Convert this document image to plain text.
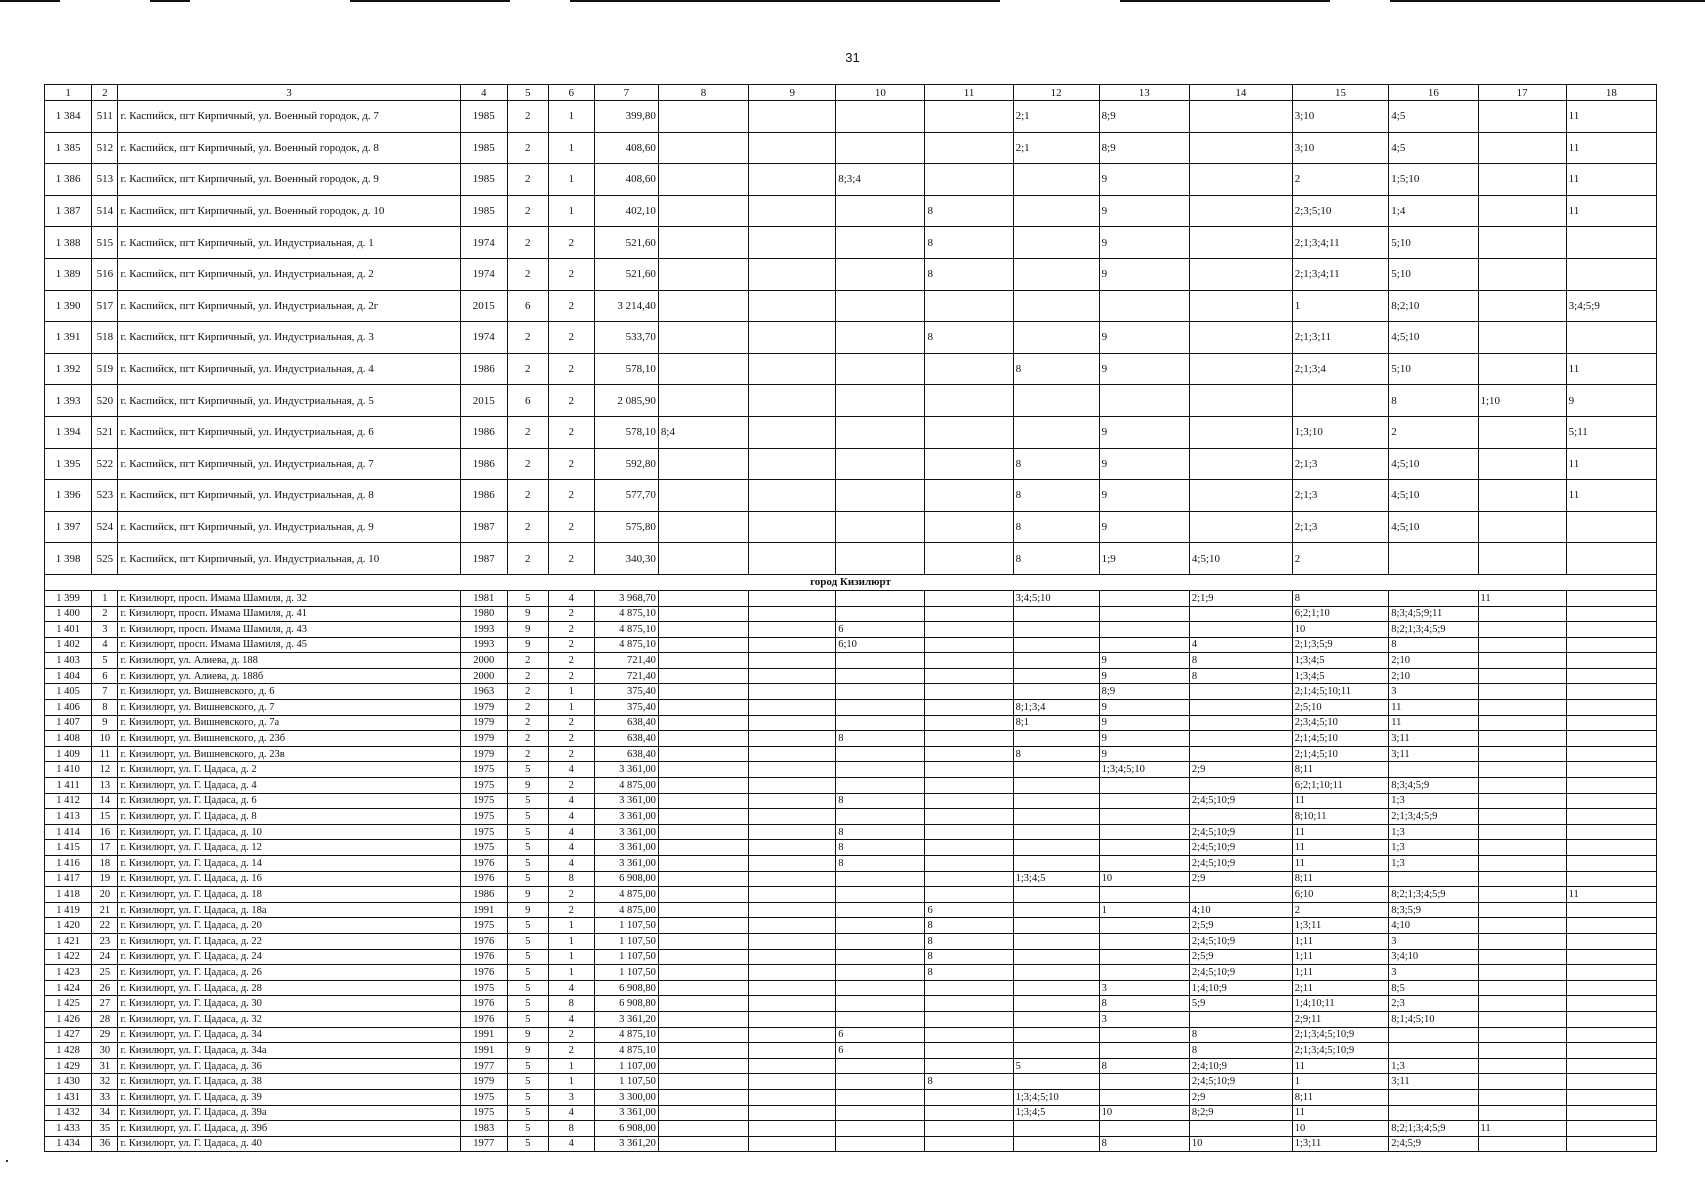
31
1	2	3	4	5	6	7	8	9	10	11	12	13	14	15	16	17	18
1 384	511	г. Каспийск, пгт Кирпичный, ул. Военный городок, д. 7	1985	2	1	399,80					2;1	8;9		3;10	4;5		11
1 385	512	г. Каспийск, пгт Кирпичный, ул. Военный городок, д. 8	1985	2	1	408,60					2;1	8;9		3;10	4;5		11
1 386	513	г. Каспийск, пгт Кирпичный, ул. Военный городок, д. 9	1985	2	1	408,60			8;3;4			9		2	1;5;10		11
1 387	514	г. Каспийск, пгт Кирпичный, ул. Военный городок, д. 10	1985	2	1	402,10				8		9		2;3;5;10	1;4		11
1 388	515	г. Каспийск, пгт Кирпичный, ул. Индустриальная, д. 1	1974	2	2	521,60				8		9		2;1;3;4;11	5;10		
1 389	516	г. Каспийск, пгт Кирпичный, ул. Индустриальная, д. 2	1974	2	2	521,60				8		9		2;1;3;4;11	5;10		
1 390	517	г. Каспийск, пгт Кирпичный, ул. Индустриальная, д. 2г	2015	6	2	3 214,40								1	8;2;10		3;4;5;9
1 391	518	г. Каспийск, пгт Кирпичный, ул. Индустриальная, д. 3	1974	2	2	533,70				8		9		2;1;3;11	4;5;10		
1 392	519	г. Каспийск, пгт Кирпичный, ул. Индустриальная, д. 4	1986	2	2	578,10					8	9		2;1;3;4	5;10		11
1 393	520	г. Каспийск, пгт Кирпичный, ул. Индустриальная, д. 5	2015	6	2	2 085,90									8	1;10	9
1 394	521	г. Каспийск, пгт Кирпичный, ул. Индустриальная, д. 6	1986	2	2	578,10	8;4					9		1;3;10	2		5;11
1 395	522	г. Каспийск, пгт Кирпичный, ул. Индустриальная, д. 7	1986	2	2	592,80					8	9		2;1;3	4;5;10		11
1 396	523	г. Каспийск, пгт Кирпичный, ул. Индустриальная, д. 8	1986	2	2	577,70					8	9		2;1;3	4;5;10		11
1 397	524	г. Каспийск, пгт Кирпичный, ул. Индустриальная, д. 9	1987	2	2	575,80					8	9		2;1;3	4;5;10		
1 398	525	г. Каспийск, пгт Кирпичный, ул. Индустриальная, д. 10	1987	2	2	340,30					8	1;9	4;5;10	2			
город Кизилюрт																	
1 399	1	г. Кизилюрт, просп. Имама Шамиля, д. 32	1981	5	4	3 968,70					3;4;5;10		2;1;9	8		11	
1 400	2	г. Кизилюрт, просп. Имама Шамиля, д. 41	1980	9	2	4 875,10								6;2;1;10	8;3;4;5;9;11		
1 401	3	г. Кизилюрт, просп. Имама Шамиля, д. 43	1993	9	2	4 875,10			6					10	8;2;1;3;4;5;9		
1 402	4	г. Кизилюрт, просп. Имама Шамиля, д. 45	1993	9	2	4 875,10			6;10				4	2;1;3;5;9	8		
1 403	5	г. Кизилюрт, ул. Алиева, д. 188	2000	2	2	721,40						9	8	1;3;4;5	2;10		
1 404	6	г. Кизилюрт, ул. Алиева, д. 188б	2000	2	2	721,40						9	8	1;3;4;5	2;10		
1 405	7	г. Кизилюрт, ул. Вишневского, д. 6	1963	2	1	375,40						8;9		2;1;4;5;10;11	3		
1 406	8	г. Кизилюрт, ул. Вишневского, д. 7	1979	2	1	375,40					8;1;3;4	9		2;5;10	11		
1 407	9	г. Кизилюрт, ул. Вишневского, д. 7а	1979	2	2	638,40					8;1	9		2;3;4;5;10	11		
1 408	10	г. Кизилюрт, ул. Вишневского, д. 23б	1979	2	2	638,40			8			9		2;1;4;5;10	3;11		
1 409	11	г. Кизилюрт, ул. Вишневского, д. 23в	1979	2	2	638,40					8	9		2;1;4;5;10	3;11		
1 410	12	г. Кизилюрт, ул. Г. Цадаса, д. 2	1975	5	4	3 361,00						1;3;4;5;10	2;9	8;11			
1 411	13	г. Кизилюрт, ул. Г. Цадаса, д. 4	1975	9	2	4 875,00								6;2;1;10;11	8;3;4;5;9		
1 412	14	г. Кизилюрт, ул. Г. Цадаса, д. 6	1975	5	4	3 361,00			8				2;4;5;10;9	11	1;3		
1 413	15	г. Кизилюрт, ул. Г. Цадаса, д. 8	1975	5	4	3 361,00								8;10;11	2;1;3;4;5;9		
1 414	16	г. Кизилюрт, ул. Г. Цадаса, д. 10	1975	5	4	3 361,00			8				2;4;5;10;9	11	1;3		
1 415	17	г. Кизилюрт, ул. Г. Цадаса, д. 12	1975	5	4	3 361,00			8				2;4;5;10;9	11	1;3		
1 416	18	г. Кизилюрт, ул. Г. Цадаса, д. 14	1976	5	4	3 361,00			8				2;4;5;10;9	11	1;3		
1 417	19	г. Кизилюрт, ул. Г. Цадаса, д. 16	1976	5	8	6 908,00					1;3;4;5	10	2;9	8;11			
1 418	20	г. Кизилюрт, ул. Г. Цадаса, д. 18	1986	9	2	4 875,00								6;10	8;2;1;3;4;5;9		11
1 419	21	г. Кизилюрт, ул. Г. Цадаса, д. 18а	1991	9	2	4 875,00				6		1	4;10	2	8;3;5;9		
1 420	22	г. Кизилюрт, ул. Г. Цадаса, д. 20	1975	5	1	1 107,50				8			2;5;9	1;3;11	4;10		
1 421	23	г. Кизилюрт, ул. Г. Цадаса, д. 22	1976	5	1	1 107,50				8			2;4;5;10;9	1;11	3		
1 422	24	г. Кизилюрт, ул. Г. Цадаса, д. 24	1976	5	1	1 107,50				8			2;5;9	1;11	3;4;10		
1 423	25	г. Кизилюрт, ул. Г. Цадаса, д. 26	1976	5	1	1 107,50				8			2;4;5;10;9	1;11	3		
1 424	26	г. Кизилюрт, ул. Г. Цадаса, д. 28	1975	5	4	6 908,80						3	1;4;10;9	2;11	8;5		
1 425	27	г. Кизилюрт, ул. Г. Цадаса, д. 30	1976	5	8	6 908,80						8	5;9	1;4;10;11	2;3		
1 426	28	г. Кизилюрт, ул. Г. Цадаса, д. 32	1976	5	4	3 361,20						3		2;9;11	8;1;4;5;10		
1 427	29	г. Кизилюрт, ул. Г. Цадаса, д. 34	1991	9	2	4 875,10			6				8	2;1;3;4;5;10;9			
1 428	30	г. Кизилюрт, ул. Г. Цадаса, д. 34а	1991	9	2	4 875,10			6				8	2;1;3;4;5;10;9			
1 429	31	г. Кизилюрт, ул. Г. Цадаса, д. 36	1977	5	1	1 107,00					5	8	2;4;10;9	11	1;3		
1 430	32	г. Кизилюрт, ул. Г. Цадаса, д. 38	1979	5	1	1 107,50				8			2;4;5;10;9	1	3;11		
1 431	33	г. Кизилюрт, ул. Г. Цадаса, д. 39	1975	5	3	3 300,00					1;3;4;5;10		2;9	8;11			
1 432	34	г. Кизилюрт, ул. Г. Цадаса, д. 39а	1975	5	4	3 361,00					1;3;4;5	10	8;2;9	11			
1 433	35	г. Кизилюрт, ул. Г. Цадаса, д. 39б	1983	5	8	6 908,00								10	8;2;1;3;4;5;9	11	
1 434	36	г. Кизилюрт, ул. Г. Цадаса, д. 40	1977	5	4	3 361,20						8	10	1;3;11	2;4;5;9		
